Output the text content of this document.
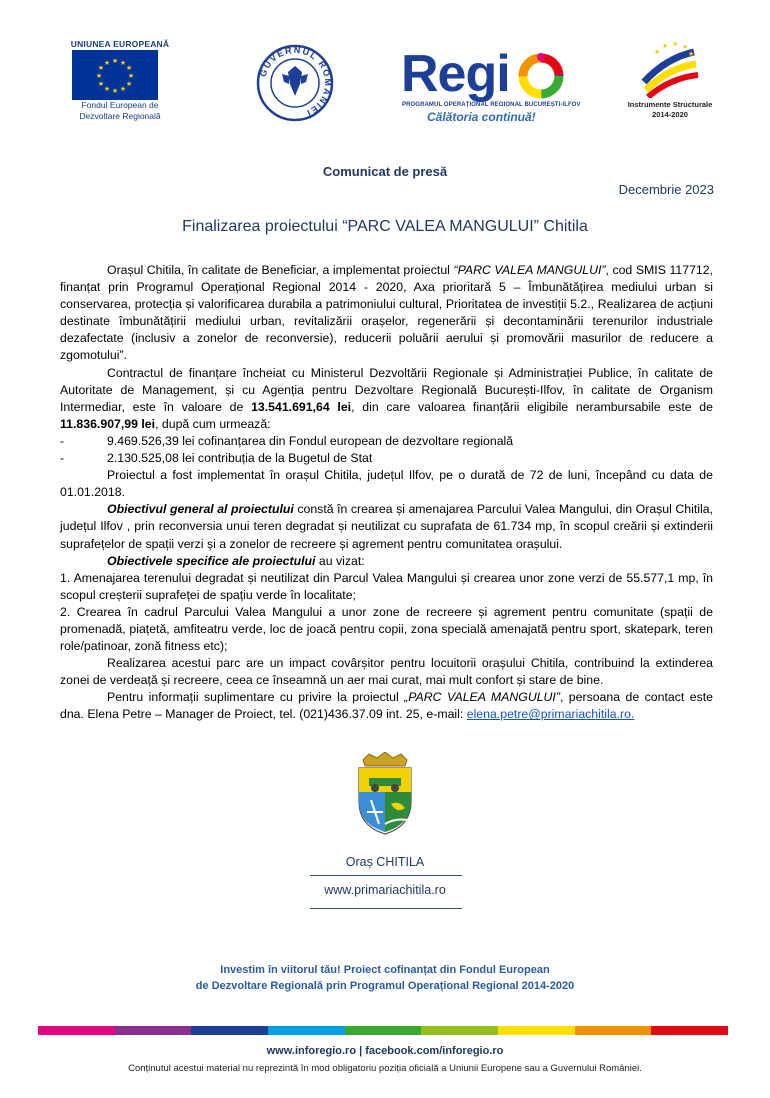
UNIUNEA EUROPEANĂ
★ ★
★
★
★
★
★
★
★
★
★
★
Fondul European de
Dezvoltare Regională
GUVERNUL ROMÂNIEI
Regi
PROGRAMUL OPERAȚIONAL REGIONAL BUCUREȘTI-ILFOV
Călătoria continuă!
★ ★ ★
★
★
Instrumente Structurale
2014-2020
Comunicat de presă
Decembrie 2023
Finalizarea proiectului “PARC VALEA MANGULUI” Chitila

Orașul Chitila, în calitate de Beneficiar, a implementat proiectul “PARC VALEA MANGULUI”, cod SMIS 117712, finanțat prin Programul Operațional Regional 2014 - 2020, Axa prioritară 5 – Îmbunătățirea mediului urban si conservarea, protecția și valorificarea durabila a patrimoniului cultural, Prioritatea de investiții 5.2., Realizarea de acțiuni destinate îmbunătățirii mediului urban, revitalizării orașelor, regenerării și decontaminării terenurilor industriale dezafectate (inclusiv a zonelor de reconversie), reducerii poluării aerului și promovării masurilor de reducere a zgomotului”.

Contractul de finanțare încheiat cu Ministerul Dezvoltării Regionale și Administrației Publice, în calitate de Autoritate de Management, și cu Agenția pentru Dezvoltare Regională București-Ilfov, în calitate de Organism Intermediar, este în valoare de 13.541.691,64 lei, din care valoarea finanțării eligibile nerambursabile este de 11.836.907,99 lei, după cum urmează:

-	9.469.526,39 lei cofinanțarea din Fondul european de dezvoltare regională
-	2.130.525,08 lei contribuția de la Bugetul de Stat

Proiectul a fost implementat în orașul Chitila, județul Ilfov, pe o durată de 72 de luni, începând cu data de 01.01.2018.

Obiectivul general al proiectului constă în crearea și amenajarea Parcului Valea Mangului, din Orașul Chitila, județul Ilfov , prin reconversia unui teren degradat și neutilizat cu suprafata de 61.734 mp, în scopul creării și extinderii suprafețelor de spații verzi și a zonelor de recreere și agrement pentru comunitatea orașului.

Obiectivele specifice ale proiectului au vizat:

1. Amenajarea terenului degradat și neutilizat din Parcul Valea Mangului și crearea unor zone verzi de 55.577,1 mp, în scopul creșterii suprafeței de spațiu verde în localitate;

2. Crearea în cadrul Parcului Valea Mangului a unor zone de recreere și agrement pentru comunitate (spații de promenadă, piațetă, amfiteatru verde, loc de joacă pentru copii, zona specială amenajată pentru sport, skatepark, teren role/patinoar, zonă fitness etc);

Realizarea acestui parc are un impact covârșitor pentru locuitorii orașului Chitila, contribuind la extinderea zonei de verdeață și recreere, ceea ce înseamnă un aer mai curat, mai mult confort și stare de bine.

Pentru informații suplimentare cu privire la proiectul „PARC VALEA MANGULUI”, persoana de contact este dna. Elena Petre – Manager de Proiect, tel. (021)436.37.09 int. 25, e-mail: elena.petre@primariachitila.ro.

Oraș CHITILA
www.primariachitila.ro
Investim în viitorul tău! Proiect cofinanțat din Fondul European
de Dezvoltare Regională prin Programul Operațional Regional 2014-2020
www.inforegio.ro | facebook.com/inforegio.ro
Conținutul acestui material nu reprezintă în mod obligatoriu poziția oficială a Uniunii Europene sau a Guvernului României.
